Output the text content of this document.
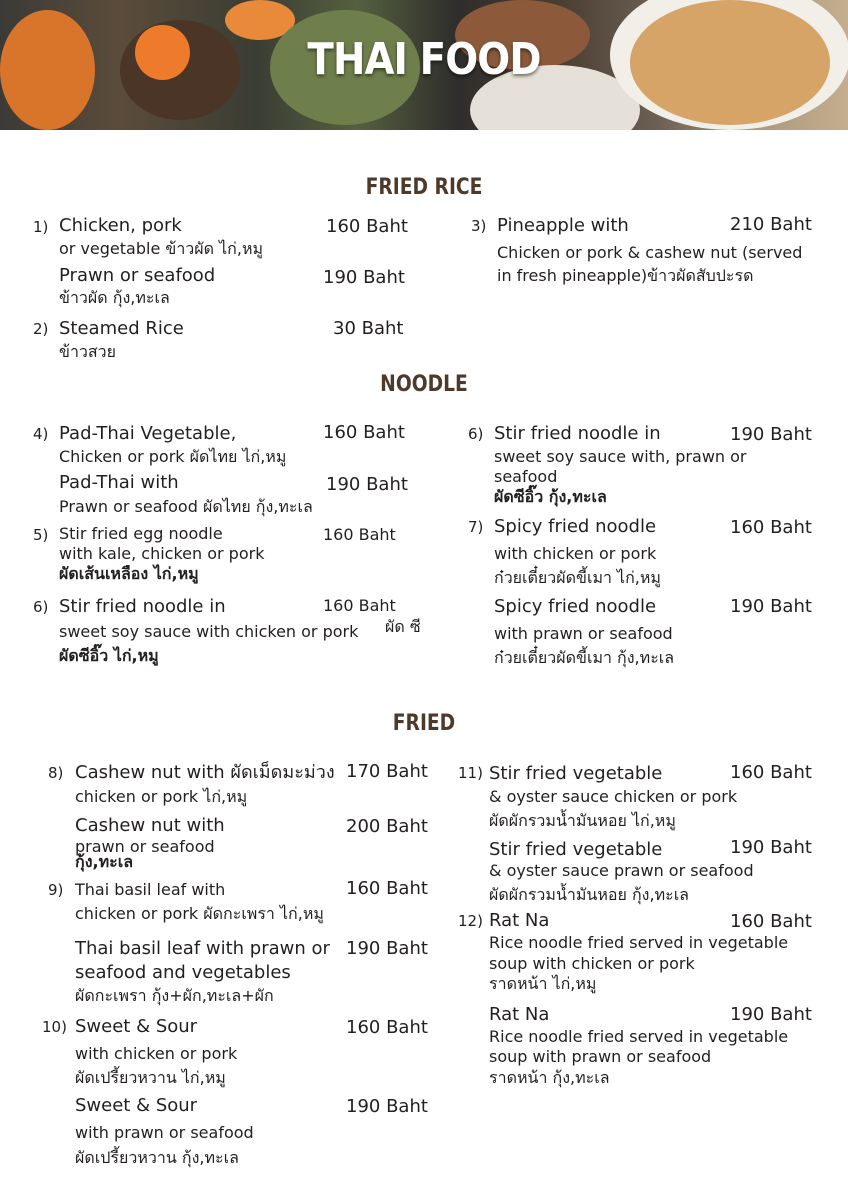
THAI FOOD
FRIED RICE
1) Chicken, pork	160 Baht
or vegetable ข้าวผัด ไก่,หมู
Prawn or seafood	190 Baht
ข้าวผัด กุ้ง,ทะเล
2) Steamed Rice	30 Baht
ข้าวสวย
3) Pineapple with	210 Baht
Chicken or pork & cashew nut (served
in fresh pineapple)ข้าวผัดสับปะรด
NOODLE
4) Pad-Thai Vegetable,	160 Baht
Chicken or pork ผัดไทย ไก่,หมู
Pad-Thai with	190 Baht
Prawn or seafood ผัดไทย กุ้ง,ทะเล
5) Stir fried egg noodle	160 Baht
with kale, chicken or pork
ผัดเส้นเหลือง ไก่,หมู
6) Stir fried noodle in	160 Baht
sweet soy sauce with chicken or pork ผัด ซี
ผัดซีอิ๊ว ไก่,หมู
6) Stir fried noodle in	190 Baht
sweet soy sauce with, prawn or
seafood
ผัดซีอิ๊ว กุ้ง,ทะเล
7) Spicy fried noodle	160 Baht
with chicken or pork
ก๋วยเตี๋ยวผัดขี้เมา ไก่,หมู
Spicy fried noodle	190 Baht
with prawn or seafood
ก๋วยเตี๋ยวผัดขี้เมา กุ้ง,ทะเล
FRIED
8) Cashew nut with ผัดเม็ดมะม่วง 170 Baht
chicken or pork ไก่,หมู
Cashew nut with	200 Baht
prawn or seafood
กุ้ง,ทะเล
9) Thai basil leaf with	160 Baht
chicken or pork ผัดกะเพรา ไก่,หมู
Thai basil leaf with prawn or
seafood and vegetables
190 Baht
ผัดกะเพรา กุ้ง+ผัก,ทะเล+ผัก
10) Sweet & Sour	160 Baht
with chicken or pork
ผัดเปรี้ยวหวาน ไก่,หมู
Sweet & Sour	190 Baht
with prawn or seafood
ผัดเปรี้ยวหวาน กุ้ง,ทะเล
11) Stir fried vegetable	160 Baht
& oyster sauce chicken or pork
ผัดผักรวมน้ำมันหอย ไก่,หมู
Stir fried vegetable	190 Baht
& oyster sauce prawn or seafood
ผัดผักรวมน้ำมันหอย กุ้ง,ทะเล
12) Rat Na	160 Baht
Rice noodle fried served in vegetable
soup with chicken or pork
ราดหน้า ไก่,หมู
Rat Na	190 Baht
Rice noodle fried served in vegetable
soup with prawn or seafood
ราดหน้า กุ้ง,ทะเล
